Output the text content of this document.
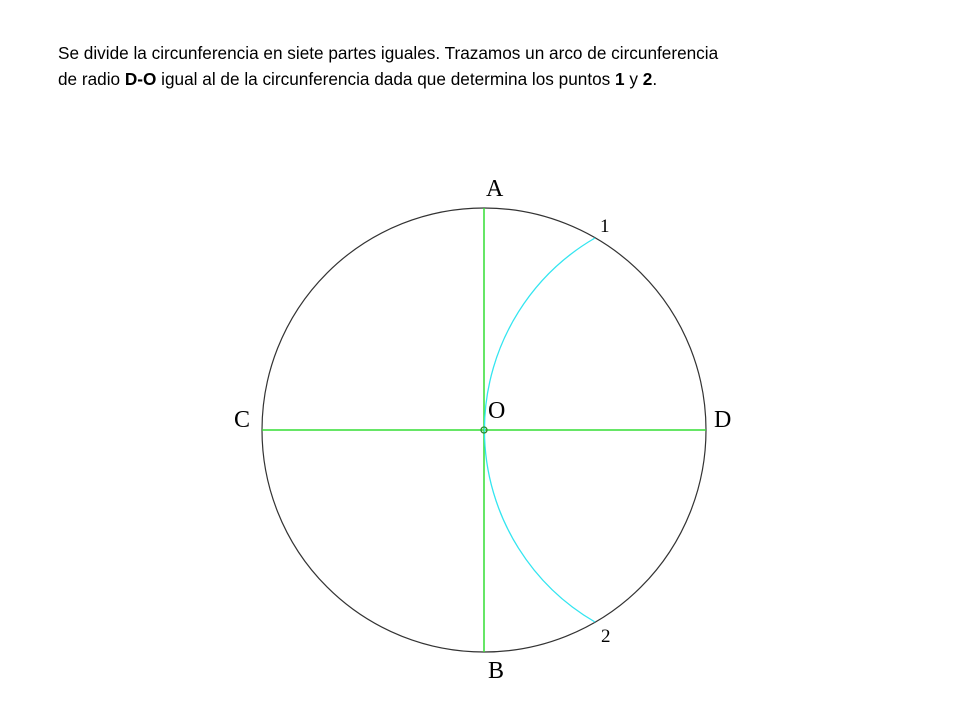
Se divide la circunferencia en siete partes iguales. Trazamos un arco de circunferencia
de radio D-O igual al de la circunferencia dada que determina los puntos 1 y 2.
A
B
C	D
O
1
2
